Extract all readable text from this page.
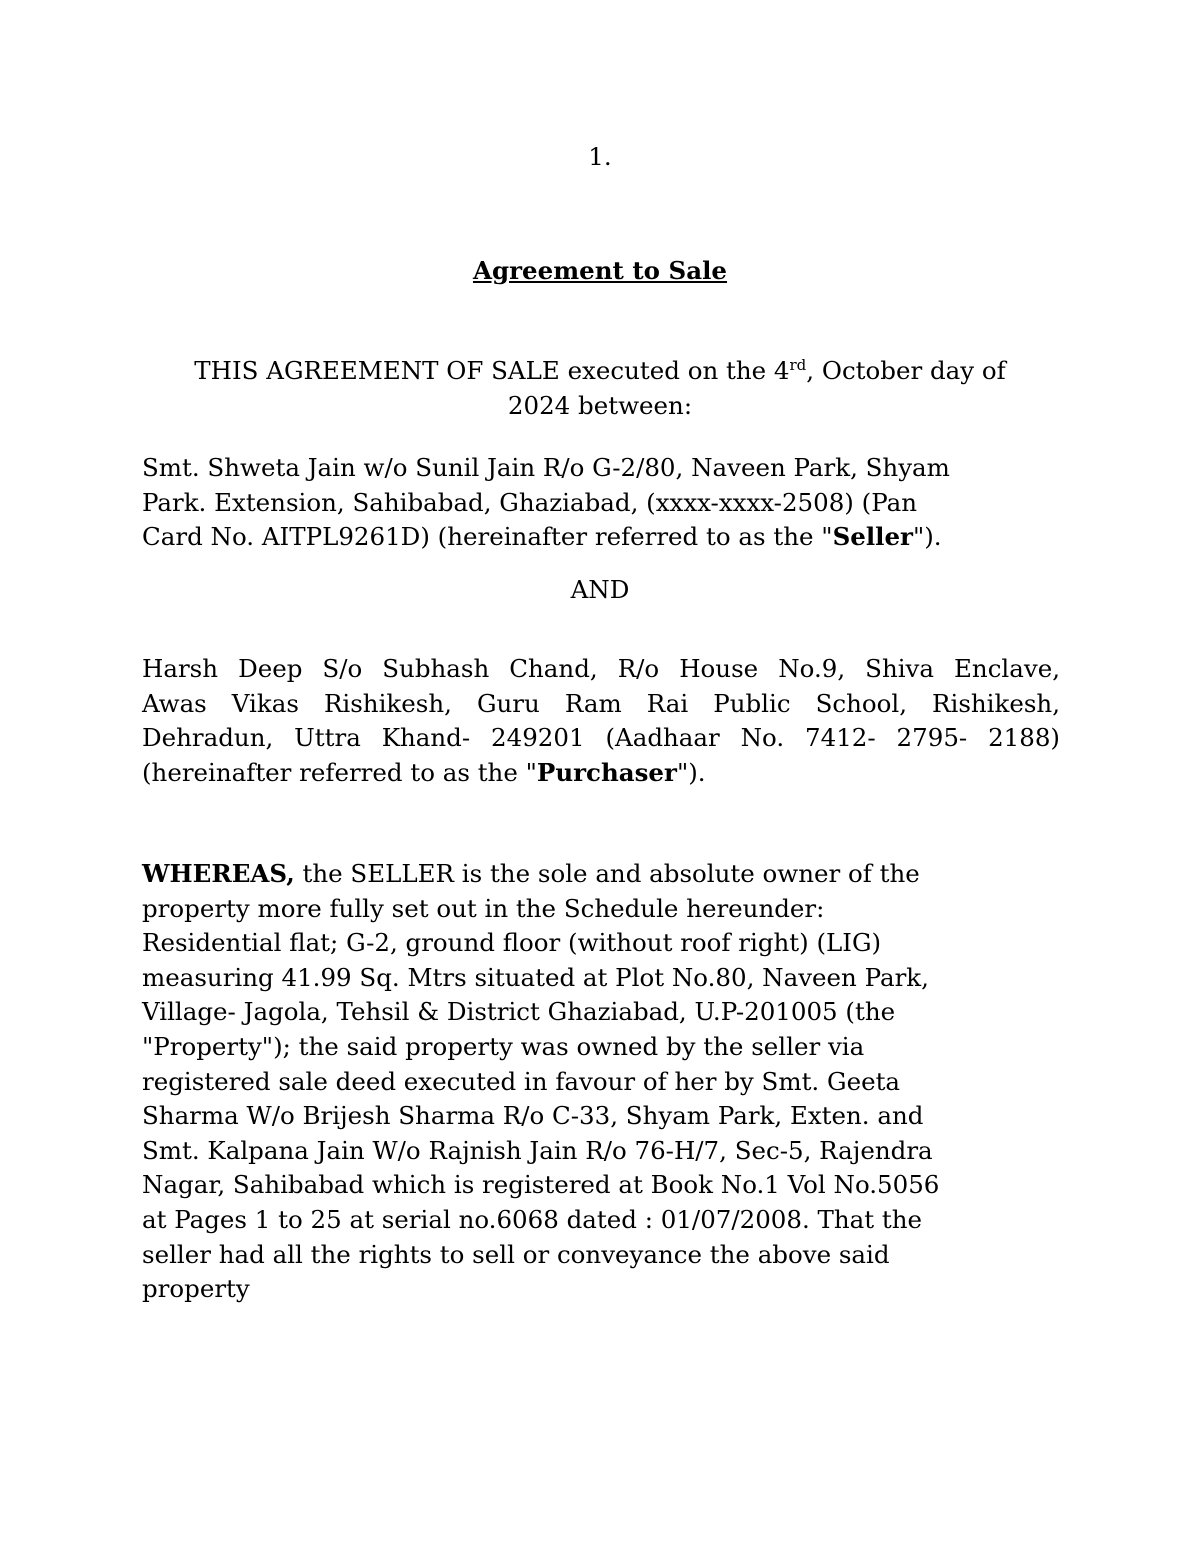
1.

Agreement to Sale

THIS AGREEMENT OF SALE executed on the 4rd, October day of
2024 between:

Smt. Shweta Jain w/o Sunil Jain R/o G-2/80, Naveen Park, Shyam
Park. Extension, Sahibabad, Ghaziabad, (xxxx-xxxx-2508) (Pan
Card No. AITPL9261D) (hereinafter referred to as the "Seller").

AND

Harsh Deep S/o Subhash Chand, R/o House No.9, Shiva Enclave,
Awas Vikas Rishikesh, Guru Ram Rai Public School, Rishikesh,
Dehradun, Uttra Khand- 249201 (Aadhaar No. 7412- 2795- 2188)
(hereinafter referred to as the "Purchaser").

WHEREAS, the SELLER is the sole and absolute owner of the
property more fully set out in the Schedule hereunder:
Residential flat; G-2, ground floor (without roof right) (LIG)
measuring 41.99 Sq. Mtrs situated at Plot No.80, Naveen Park,
Village- Jagola, Tehsil & District Ghaziabad, U.P-201005 (the
"Property"); the said property was owned by the seller via
registered sale deed executed in favour of her by Smt. Geeta
Sharma W/o Brijesh Sharma R/o C-33, Shyam Park, Exten. and
Smt. Kalpana Jain W/o Rajnish Jain R/o 76-H/7, Sec-5, Rajendra
Nagar, Sahibabad which is registered at Book No.1 Vol No.5056
at Pages 1 to 25 at serial no.6068 dated : 01/07/2008. That the
seller had all the rights to sell or conveyance the above said
property
